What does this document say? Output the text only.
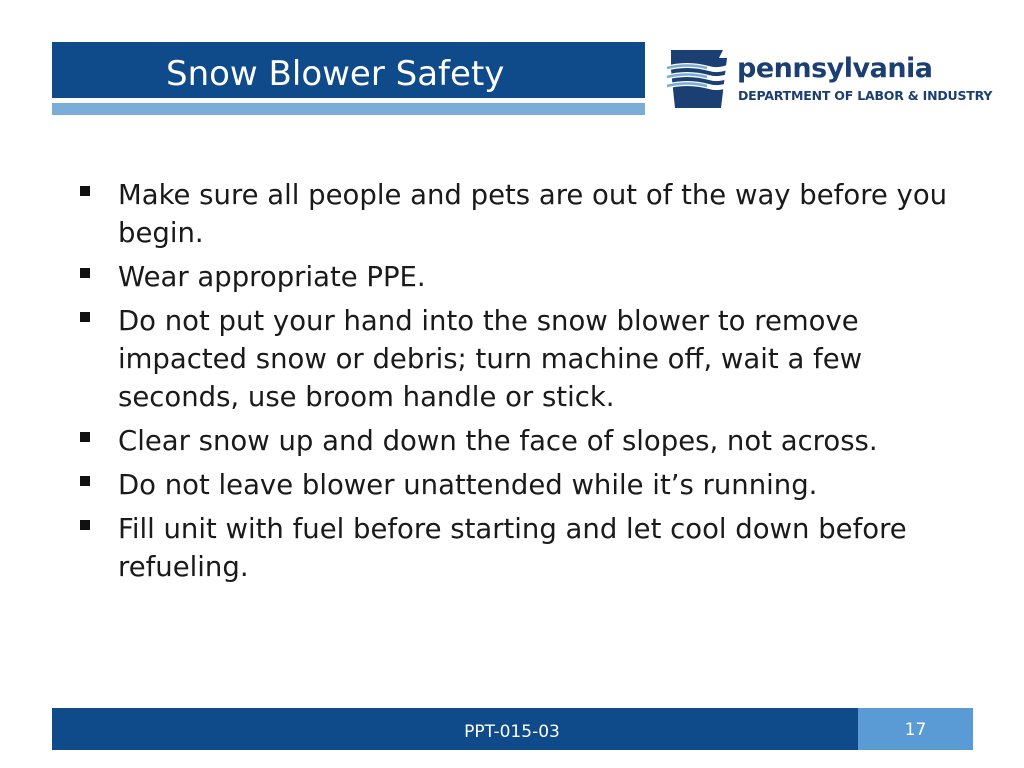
Snow Blower Safety	pennsylvania
DEPARTMENT OF LABOR & INDUSTRY
Make sure all people and pets are out of the way before you begin.
Wear appropriate PPE.
Do not put your hand into the snow blower to remove impacted snow or debris; turn machine off, wait a few seconds, use broom handle or stick.
Clear snow up and down the face of slopes, not across.
Do not leave blower unattended while it’s running.
Fill unit with fuel before starting and let cool down before refueling.
PPT-015-03	17
